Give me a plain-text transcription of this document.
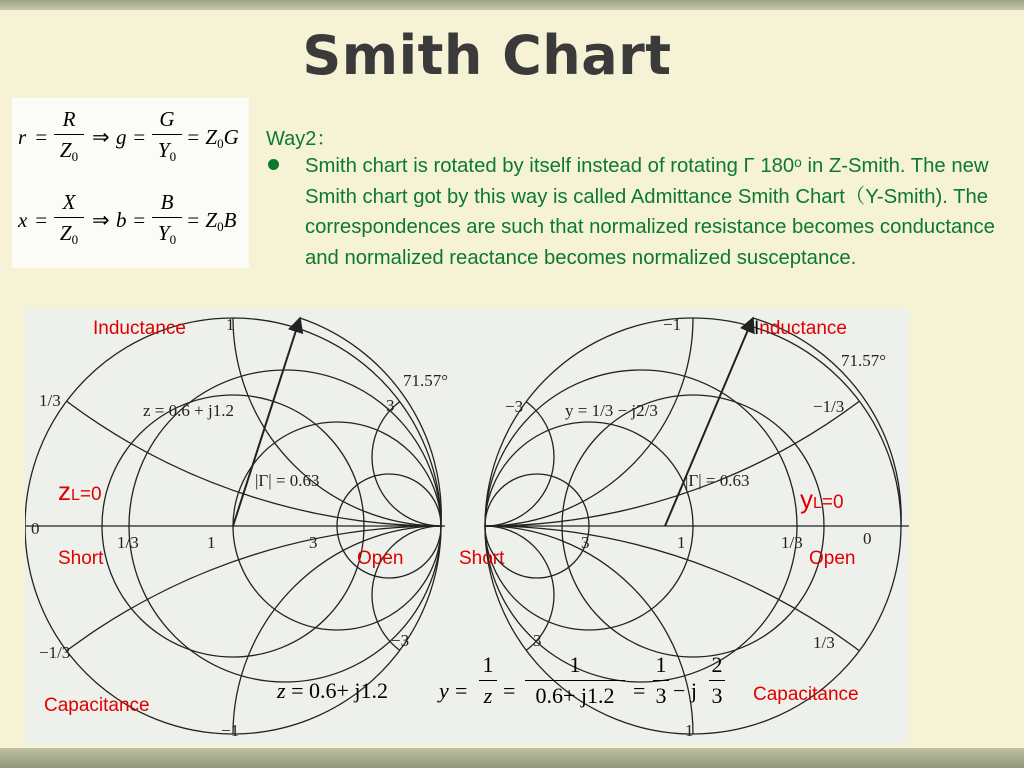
Smith Chart
r =
R
$Z_0$
⇒ g =
G
$Y_0$
= $Z_0G$
x =
X
$Z_0$
⇒ b =
B
$Y_0$
= $Z_0B$
Way2：
Smith chart is rotated by itself instead of rotating Γ 180ᵒ in Z-Smith. The new Smith chart got by this way is called Admittance Smith Chart（Y-Smith). The correspondences are such that normalized resistance becomes conductance and normalized reactance becomes normalized susceptance.
1
1/3
0
−1/3
−1
1/3	1	3
3
−3
71.57°
z = 0.6 + j1.2
|Γ| = 0.63
−1
−3	−1/3
1/3
1
0
1	1/3
3
3
71.57°
y = 1/3 − j2/3
|Γ| = 0.63
z = 0.6+ j1.2 y =
1
z =
1
0.6+ j1.2 =
1
3 − j
2
3
Inductance
zL=0
Short	Open
Capacitance
Inductance
yL=0
Short	Open
Capacitance
